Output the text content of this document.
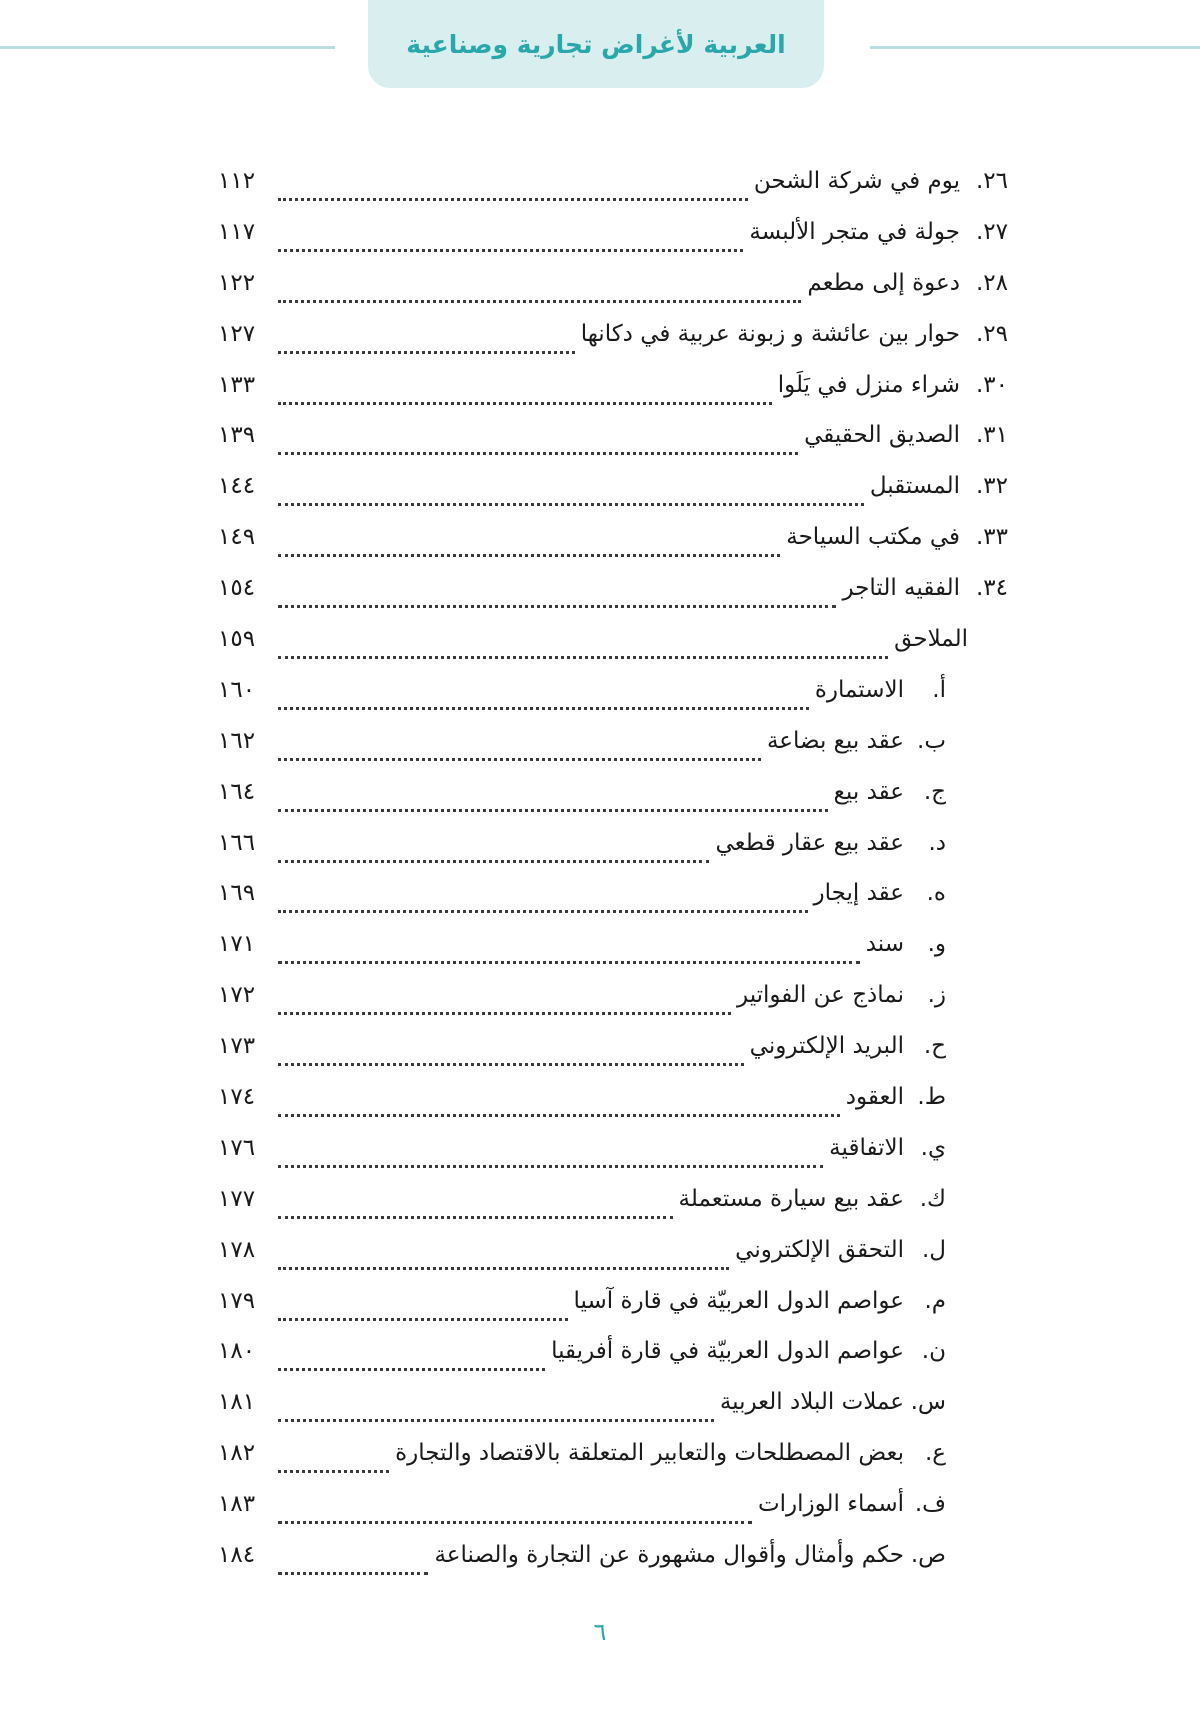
العربية لأغراض تجارية وصناعية
٢٦.
يوم في شركة الشحن
١١٢
٢٧.
جولة في متجر الألبسة
١١٧
٢٨.
دعوة إلى مطعم
١٢٢
٢٩.
حوار بين عائشة و زبونة عربية في دكانها
١٢٧
٣٠.
شراء منزل في يَلَوا
١٣٣
٣١.
الصديق الحقيقي
١٣٩
٣٢.
المستقبل
١٤٤
٣٣.
في مكتب السياحة
١٤٩
٣٤.
الفقيه التاجر
١٥٤
الملاحق
١٥٩
أ.
الاستمارة
١٦٠
ب.
عقد بيع بضاعة
١٦٢
ج.
عقد بيع
١٦٤
د.
عقد بيع عقار قطعي
١٦٦
ه.
عقد إيجار
١٦٩
و.
سند
١٧١
ز.
نماذج عن الفواتير
١٧٢
ح.
البريد الإلكتروني
١٧٣
ط.
العقود
١٧٤
ي.
الاتفاقية
١٧٦
ك.
عقد بيع سيارة مستعملة
١٧٧
ل.
التحقق الإلكتروني
١٧٨
م.
عواصم الدول العربيّة في قارة آسيا
١٧٩
ن.
عواصم الدول العربيّة في قارة أفريقيا
١٨٠
س.
عملات البلاد العربية
١٨١
ع.
بعض المصطلحات والتعابير المتعلقة بالاقتصاد والتجارة
١٨٢
ف.
أسماء الوزارات
١٨٣
ص.
حكم وأمثال وأقوال مشهورة عن التجارة والصناعة
١٨٤
٦
